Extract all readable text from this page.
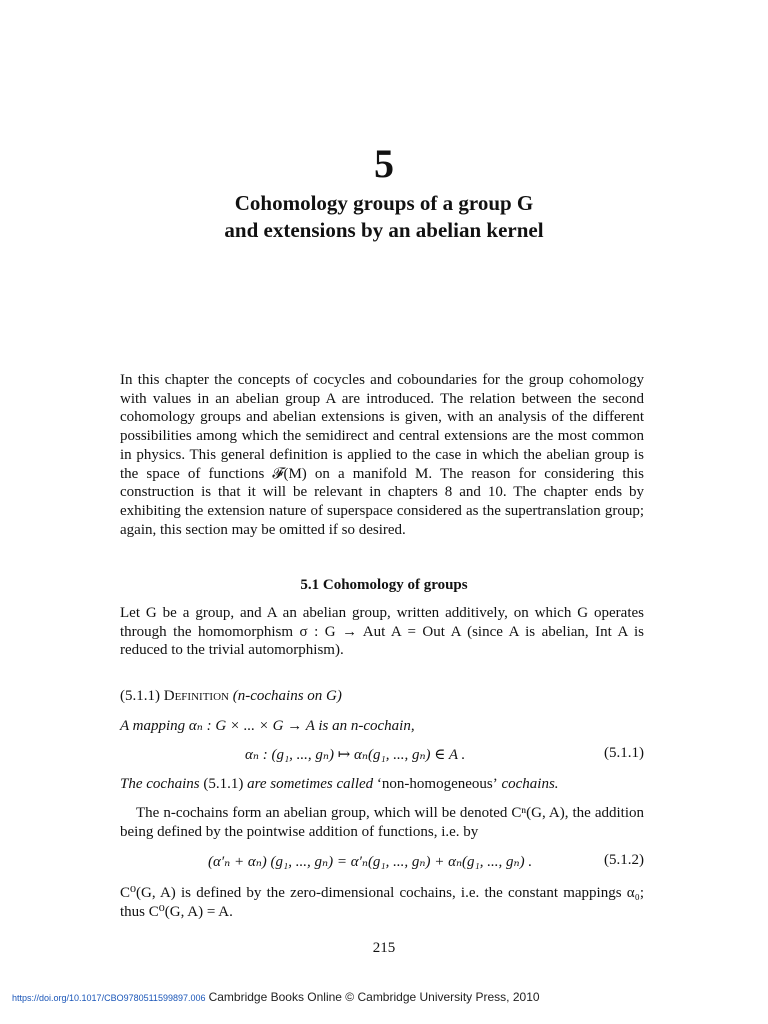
5
Cohomology groups of a group G
and extensions by an abelian kernel

In this chapter the concepts of cocycles and coboundaries for the group cohomology with values in an abelian group A are introduced. The relation between the second cohomology groups and abelian extensions is given, with an analysis of the different possibilities among which the semidirect and central extensions are the most common in physics. This general definition is applied to the case in which the abelian group is the space of functions 𝓕(M) on a manifold M. The reason for considering this construction is that it will be relevant in chapters 8 and 10. The chapter ends by exhibiting the extension nature of superspace considered as the supertranslation group; again, this section may be omitted if so desired.

5.1 Cohomology of groups

Let G be a group, and A an abelian group, written additively, on which G operates through the homomorphism σ : G → Aut A = Out A (since A is abelian, Int A is reduced to the trivial automorphism).

(5.1.1) Definition (n-cochains on G)
A mapping αₙ : G × ... × G → A is an n-cochain,
αₙ : (g₁, ..., gₙ) ↦ αₙ(g₁, ..., gₙ) ∈ A .	(5.1.1)
The cochains (5.1.1) are sometimes called ‘non-homogeneous’ cochains.

The n-cochains form an abelian group, which will be denoted Cⁿ(G, A), the addition being defined by the pointwise addition of functions, i.e. by

(α′ₙ + αₙ) (g₁, ..., gₙ) = α′ₙ(g₁, ..., gₙ) + αₙ(g₁, ..., gₙ) .	(5.1.2)

C⁰(G, A) is defined by the zero-dimensional cochains, i.e. the constant mappings α₀; thus C⁰(G, A) = A.

215
https://doi.org/10.1017/CBO9780511599897.006 Cambridge Books Online © Cambridge University Press, 2010
